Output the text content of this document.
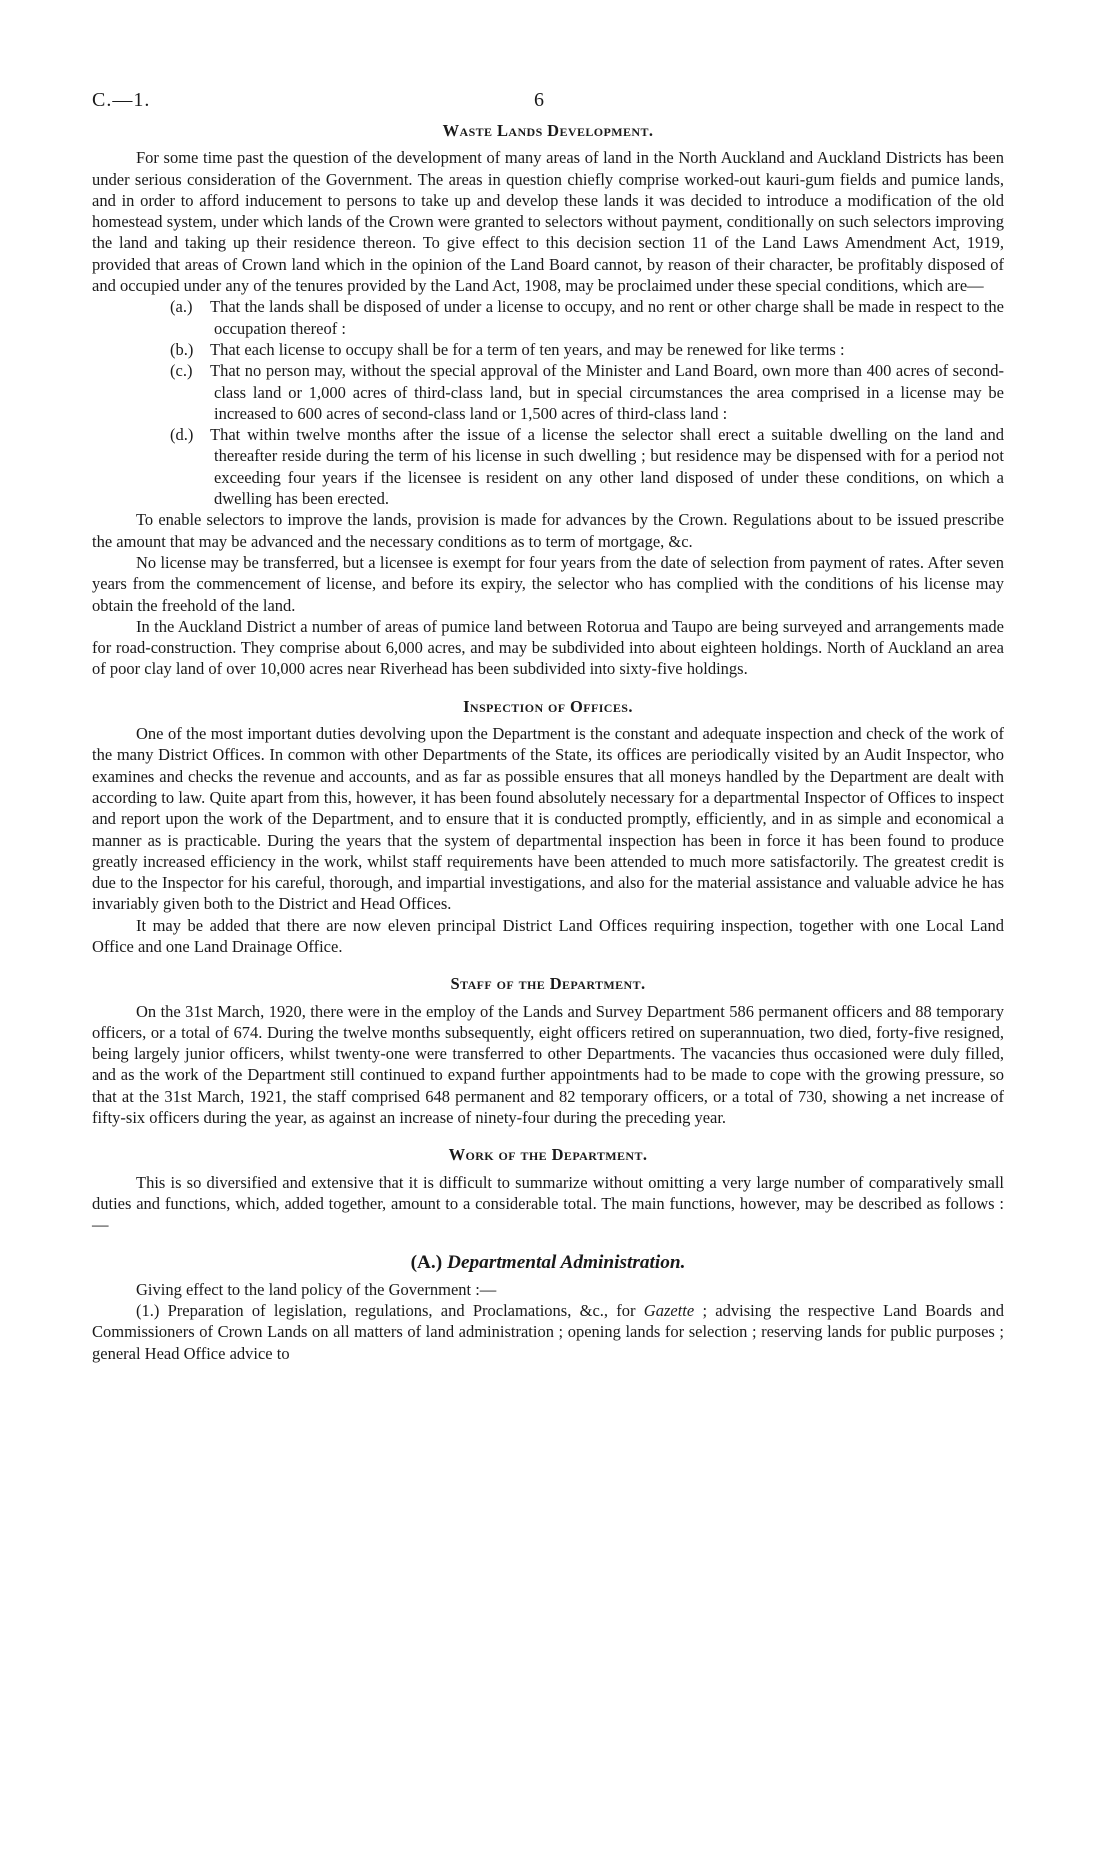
C.—1.	6
Waste Lands Development.

For some time past the question of the development of many areas of land in the North Auckland and Auckland Districts has been under serious consideration of the Government. The areas in question chiefly comprise worked-out kauri-gum fields and pumice lands, and in order to afford inducement to persons to take up and develop these lands it was decided to introduce a modification of the old homestead system, under which lands of the Crown were granted to selectors without payment, conditionally on such selectors improving the land and taking up their residence thereon. To give effect to this decision section 11 of the Land Laws Amendment Act, 1919, provided that areas of Crown land which in the opinion of the Land Board cannot, by reason of their character, be profitably disposed of and occupied under any of the tenures provided by the Land Act, 1908, may be proclaimed under these special conditions, which are—

(a.) That the lands shall be disposed of under a license to occupy, and no rent or other charge shall be made in respect to the occupation thereof :
(b.) That each license to occupy shall be for a term of ten years, and may be renewed for like terms :
(c.) That no person may, without the special approval of the Minister and Land Board, own more than 400 acres of second-class land or 1,000 acres of third-class land, but in special circumstances the area comprised in a license may be increased to 600 acres of second-class land or 1,500 acres of third-class land :
(d.) That within twelve months after the issue of a license the selector shall erect a suitable dwelling on the land and thereafter reside during the term of his license in such dwelling ; but residence may be dispensed with for a period not exceeding four years if the licensee is resident on any other land disposed of under these conditions, on which a dwelling has been erected.

To enable selectors to improve the lands, provision is made for advances by the Crown. Regulations about to be issued prescribe the amount that may be advanced and the necessary conditions as to term of mortgage, &c.

No license may be transferred, but a licensee is exempt for four years from the date of selection from payment of rates. After seven years from the commencement of license, and before its expiry, the selector who has complied with the conditions of his license may obtain the freehold of the land.

In the Auckland District a number of areas of pumice land between Rotorua and Taupo are being surveyed and arrangements made for road-construction. They comprise about 6,000 acres, and may be subdivided into about eighteen holdings. North of Auckland an area of poor clay land of over 10,000 acres near Riverhead has been subdivided into sixty-five holdings.

Inspection of Offices.

One of the most important duties devolving upon the Department is the constant and adequate inspection and check of the work of the many District Offices. In common with other Departments of the State, its offices are periodically visited by an Audit Inspector, who examines and checks the revenue and accounts, and as far as possible ensures that all moneys handled by the Department are dealt with according to law. Quite apart from this, however, it has been found absolutely necessary for a departmental Inspector of Offices to inspect and report upon the work of the Department, and to ensure that it is conducted promptly, efficiently, and in as simple and economical a manner as is practicable. During the years that the system of departmental inspection has been in force it has been found to produce greatly increased efficiency in the work, whilst staff requirements have been attended to much more satisfactorily. The greatest credit is due to the Inspector for his careful, thorough, and impartial investigations, and also for the material assistance and valuable advice he has invariably given both to the District and Head Offices.

It may be added that there are now eleven principal District Land Offices requiring inspection, together with one Local Land Office and one Land Drainage Office.

Staff of the Department.

On the 31st March, 1920, there were in the employ of the Lands and Survey Department 586 permanent officers and 88 temporary officers, or a total of 674. During the twelve months subsequently, eight officers retired on superannuation, two died, forty-five resigned, being largely junior officers, whilst twenty-one were transferred to other Departments. The vacancies thus occasioned were duly filled, and as the work of the Department still continued to expand further appointments had to be made to cope with the growing pressure, so that at the 31st March, 1921, the staff comprised 648 permanent and 82 temporary officers, or a total of 730, showing a net increase of fifty-six officers during the year, as against an increase of ninety-four during the preceding year.

Work of the Department.

This is so diversified and extensive that it is difficult to summarize without omitting a very large number of comparatively small duties and functions, which, added together, amount to a considerable total. The main functions, however, may be described as follows :—

(A.) Departmental Administration.

Giving effect to the land policy of the Government :—

(1.) Preparation of legislation, regulations, and Proclamations, &c., for Gazette ; advising the respective Land Boards and Commissioners of Crown Lands on all matters of land administration ; opening lands for selection ; reserving lands for public purposes ; general Head Office advice to
